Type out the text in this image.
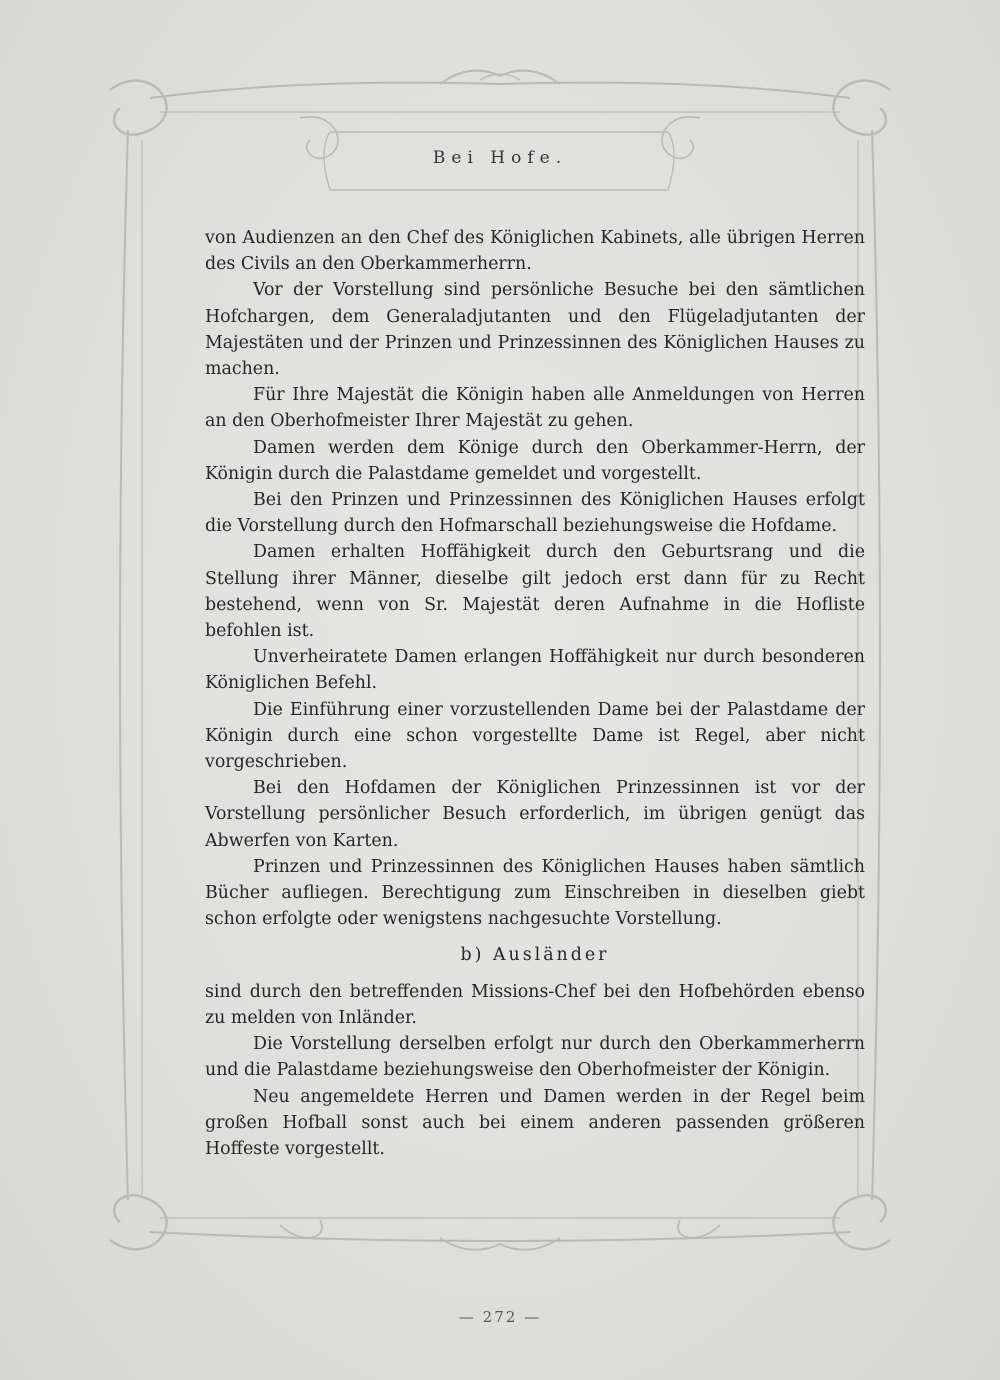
Bei Hofe.

von Audienzen an den Chef des Königlichen Kabinets, alle übrigen Herren des Civils an den Oberkammerherrn.

Vor der Vorstellung sind persönliche Besuche bei den sämtlichen Hofchargen, dem Generaladjutanten und den Flügeladjutanten der Majestäten und der Prinzen und Prinzessinnen des Königlichen Hauses zu machen.

Für Ihre Majestät die Königin haben alle Anmeldungen von Herren an den Oberhofmeister Ihrer Majestät zu gehen.

Damen werden dem Könige durch den Oberkammer-Herrn, der Königin durch die Palastdame gemeldet und vorgestellt.

Bei den Prinzen und Prinzessinnen des Königlichen Hauses erfolgt die Vorstellung durch den Hofmarschall beziehungsweise die Hofdame.

Damen erhalten Hoffähigkeit durch den Geburtsrang und die Stellung ihrer Männer, dieselbe gilt jedoch erst dann für zu Recht bestehend, wenn von Sr. Majestät deren Aufnahme in die Hofliste befohlen ist.

Unverheiratete Damen erlangen Hoffähigkeit nur durch besonderen Königlichen Befehl.

Die Einführung einer vorzustellenden Dame bei der Palastdame der Königin durch eine schon vorgestellte Dame ist Regel, aber nicht vorgeschrieben.

Bei den Hofdamen der Königlichen Prinzessinnen ist vor der Vorstellung persönlicher Besuch erforderlich, im übrigen genügt das Abwerfen von Karten.

Prinzen und Prinzessinnen des Königlichen Hauses haben sämtlich Bücher aufliegen. Berechtigung zum Einschreiben in dieselben giebt schon erfolgte oder wenigstens nachgesuchte Vorstellung.

b) Ausländer

sind durch den betreffenden Missions-Chef bei den Hofbehörden ebenso zu melden von Inländer.

Die Vorstellung derselben erfolgt nur durch den Oberkammerherrn und die Palastdame beziehungsweise den Oberhofmeister der Königin.

Neu angemeldete Herren und Damen werden in der Regel beim großen Hofball sonst auch bei einem anderen passenden größeren Hoffeste vorgestellt.

— 272 —
